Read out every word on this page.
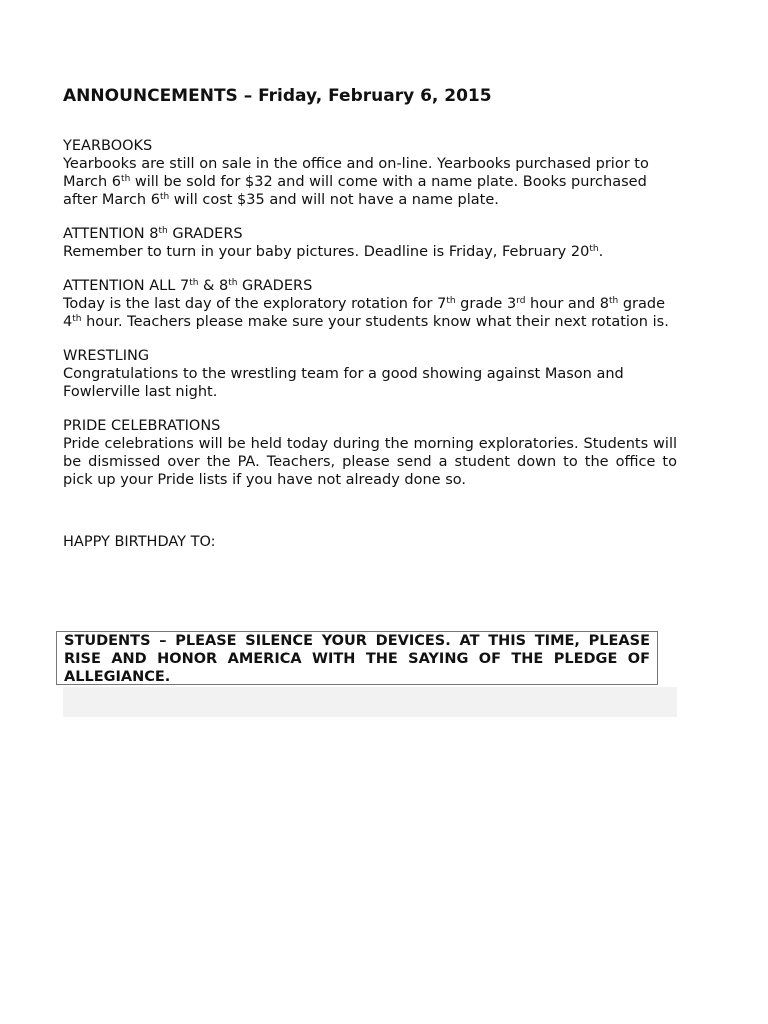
ANNOUNCEMENTS – Friday, February 6, 2015

YEARBOOKS

Yearbooks are still on sale in the office and on-line. Yearbooks purchased prior to March 6th will be sold for $32 and will come with a name plate. Books purchased after March 6th will cost $35 and will not have a name plate.

ATTENTION 8th GRADERS

Remember to turn in your baby pictures. Deadline is Friday, February 20th.

ATTENTION ALL 7th & 8th GRADERS

Today is the last day of the exploratory rotation for 7th grade 3rd hour and 8th grade 4th hour. Teachers please make sure your students know what their next rotation is.

WRESTLING

Congratulations to the wrestling team for a good showing against Mason and Fowlerville last night.

PRIDE CELEBRATIONS

Pride celebrations will be held today during the morning exploratories. Students will be dismissed over the PA. Teachers, please send a student down to the office to pick up your Pride lists if you have not already done so.

HAPPY BIRTHDAY TO:

STUDENTS – PLEASE SILENCE YOUR DEVICES. AT THIS TIME, PLEASE RISE AND HONOR AMERICA WITH THE SAYING OF THE PLEDGE OF ALLEGIANCE.
